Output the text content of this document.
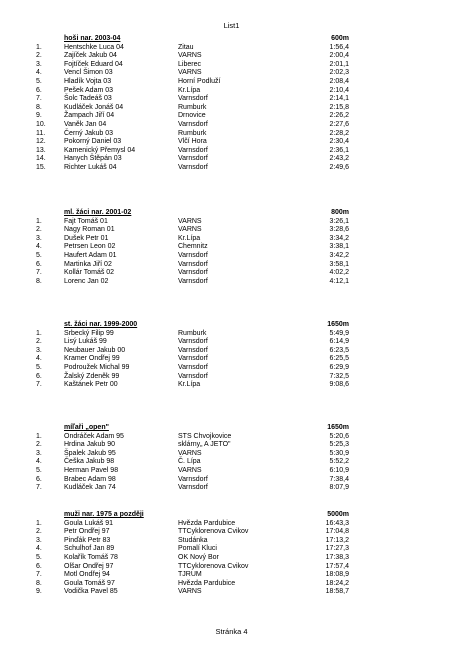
List1
hoši nar. 2003-04	600m
1.	Hentschke Luca 04	Zitau	1:56,4
2.	Zajíček Jakub 04	VARNS	2:00,4
3.	Fojtíček Eduard 04	Liberec	2:01,1
4.	Vencl Šimon 03	VARNS	2:02,3
5.	Hladík Vojta 03	Horní Podluží	2:08,4
6.	Pešek Adam 03	Kr.Lípa	2:10,4
7.	Šolc Tadeáš 03	Varnsdorf	2:14,1
8.	Kudláček Jonáš 04	Rumburk	2:15,8
9.	Žampach Jiří 04	Drnovice	2:26,2
10.	Vaněk Jan 04	Varnsdorf	2:27,6
11.	Černý Jakub 03	Rumburk	2:28,2
12.	Pokorný Daniel 03	Vlčí Hora	2:30,4
13.	Kamenický Přemysl 04	Varnsdorf	2:36,1
14.	Hanych Štěpán 03	Varnsdorf	2:43,2
15.	Richter Lukáš 04	Varnsdorf	2:49,6
ml. žáci nar. 2001-02	800m
1.	Fajt Tomáš 01	VARNS	3:26,1
2.	Nagy Roman 01	VARNS	3:28,6
3.	Dušek Petr 01	Kr.Lípa	3:34,2
4.	Petrsen Leon 02	Chemnitz	3:38,1
5.	Haufert Adam 01	Varnsdorf	3:42,2
6.	Martinka Jiří 02	Varnsdorf	3:58,1
7.	Kollár Tomáš 02	Varnsdorf	4:02,2
8.	Lorenc Jan 02	Varnsdorf	4:12,1
st. žáci nar. 1999-2000	1650m
1.	Srbecký Filip 99	Rumburk	5:49,9
2.	Lisý Lukáš 99	Varnsdorf	6:14,9
3.	Neubauer Jakub 00	Varnsdorf	6:23,5
4.	Kramer Ondřej 99	Varnsdorf	6:25,5
5.	Podroužek Michal 99	Varnsdorf	6:29,9
6.	Žalský Zdeněk 99	Varnsdorf	7:32,5
7.	Kaštánek Petr 00	Kr.Lípa	9:08,6
míľaři „open"	1650m
1.	Ondráček Adam 95	STS Chvojkovice	5:20,6
2.	Hrdina Jakub 90	sklárny„ A JETO"	5:25,3
3.	Špalek Jakub 95	VARNS	5:30,9
4.	Češka Jakub 98	Č. Lípa	5:52,2
5.	Herman Pavel 98	VARNS	6:10,9
6.	Brabec Adam 98	Varnsdorf	7:38,4
7.	Kudláček Jan 74	Varnsdorf	8:07,9
muži nar. 1975 a později	5000m
1.	Goula Lukáš 91	Hvězda Pardubice	16:43,3
2.	Petr Ondřej 97	TTCyklorenova Cvikov	17:04,8
3.	Pinďák Petr 83	Studánka	17:13,2
4.	Schulhof Jan 89	Pomalí Kluci	17:27,3
5.	Kolařík Tomáš 78	OK Nový Bor	17:38,3
6.	Olšar Ondřej 97	TTCyklorenova Cvikov	17:57,4
7.	Motl Ondřej 94	TJRUM	18:08,9
8.	Goula Tomáš 97	Hvězda Pardubice	18:24,2
9.	Vodička Pavel 85	VARNS	18:58,7
Stránka 4
